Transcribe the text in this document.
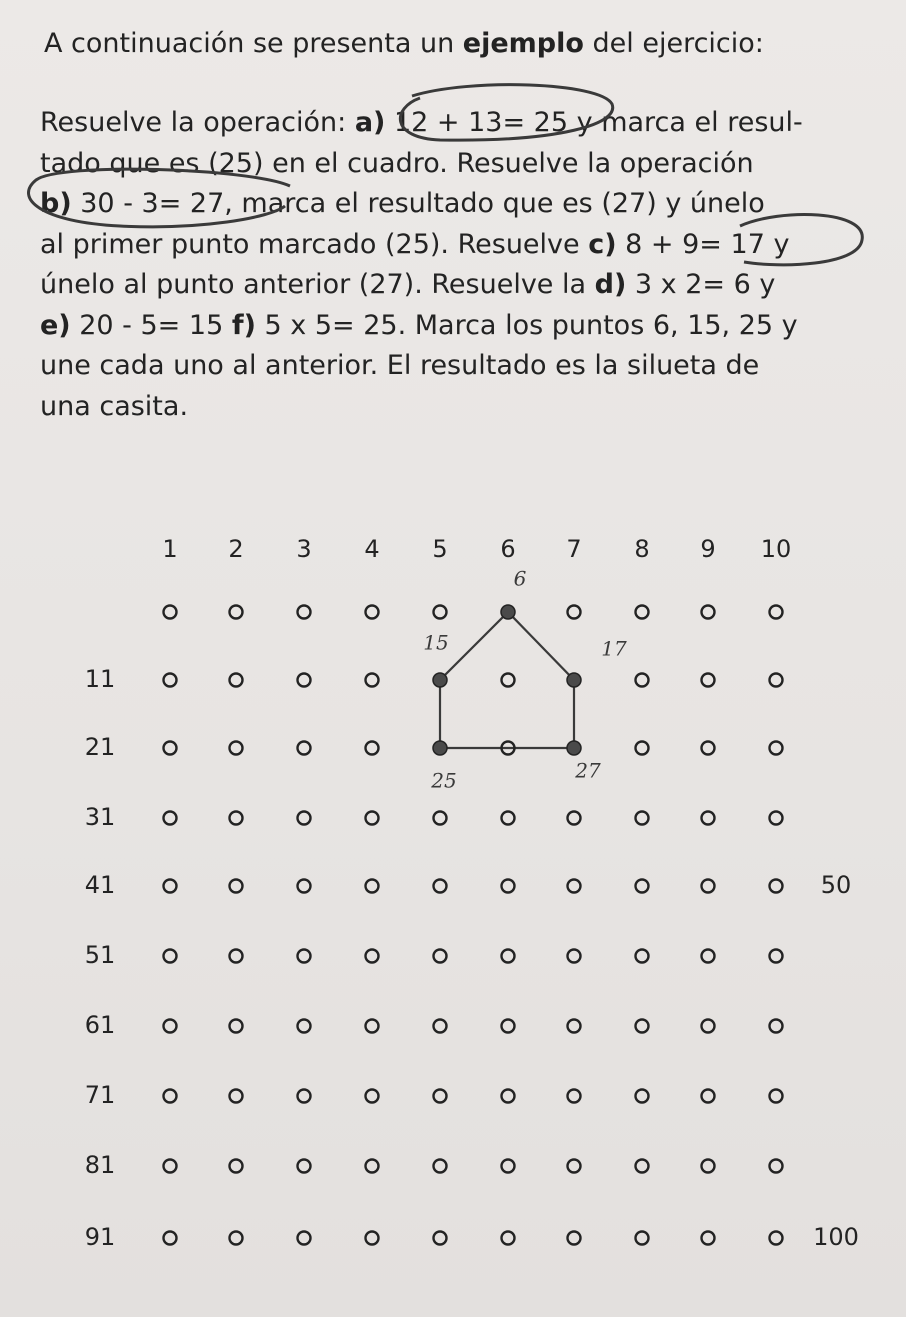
A continuación se presenta un ejemplo del ejercicio:

Resuelve la operación: a) 12 + 13= 25 y marca el resul-
tado que es (25) en el cuadro. Resuelve la operación
b) 30 - 3= 27, marca el resultado que es (27) y únelo
al primer punto marcado (25). Resuelve c) 8 + 9= 17 y
únelo al punto anterior (27). Resuelve la d) 3 x 2= 6 y
e) 20 - 5= 15 f) 5 x 5= 25. Marca los puntos 6, 15, 25 y
une cada uno al anterior. El resultado es la silueta de
una casita.
1 2 3 4 5 6 7 8 9 10
11
21
31
41
51
61
71
81
91
50
100
6
15	17
25	27
